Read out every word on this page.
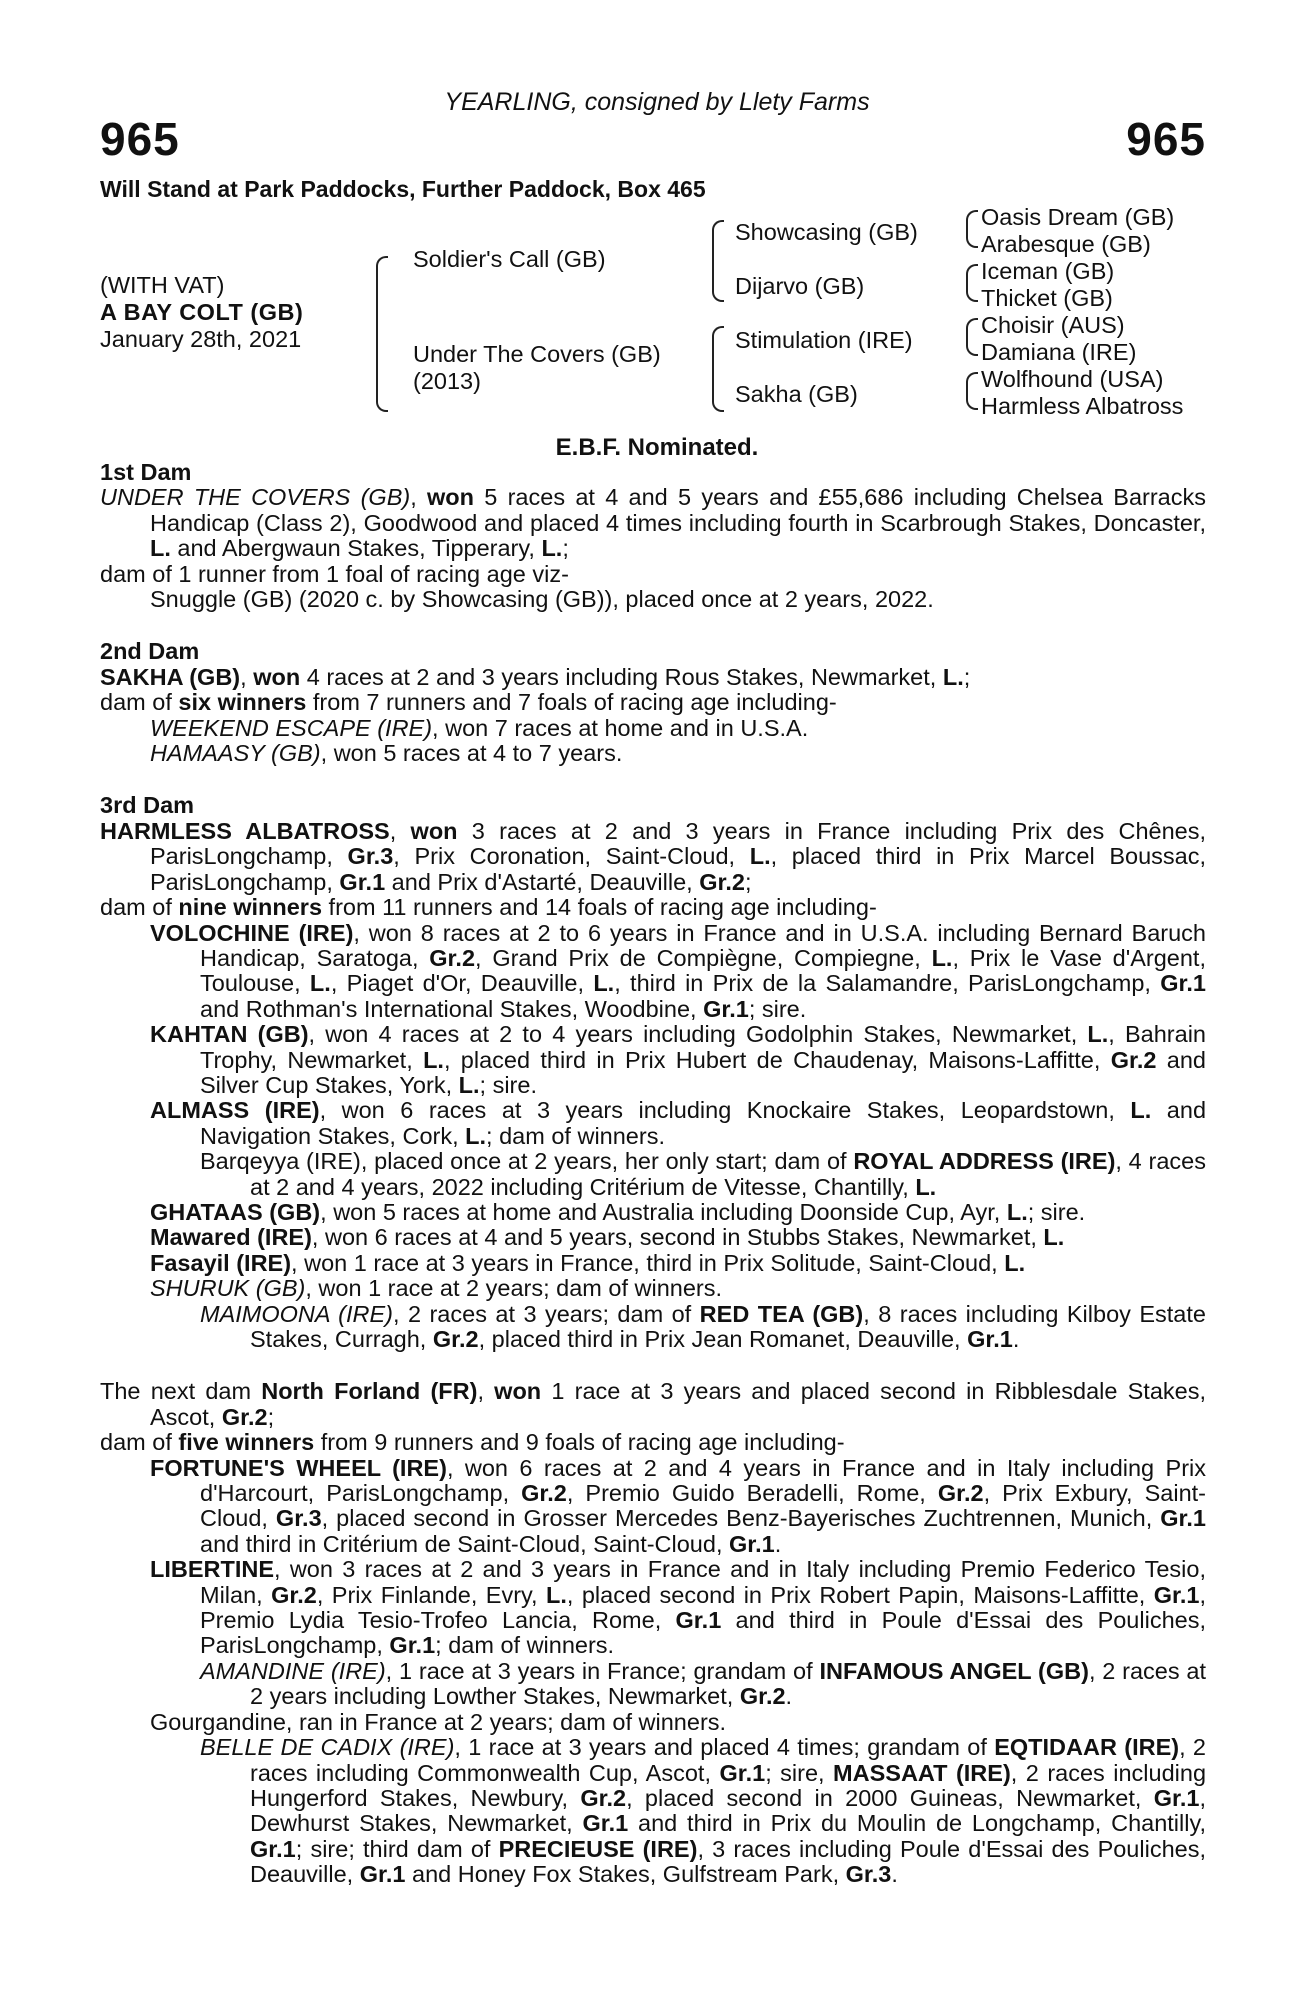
YEARLING, consigned by Llety Farms
965	965
Will Stand at Park Paddocks, Further Paddock, Box 465
(WITH VAT)
A BAY COLT (GB)
January 28th, 2021
Soldier's Call (GB)
Under The Covers (GB)
(2013)
Showcasing (GB)
Dijarvo (GB)
Stimulation (IRE)
Sakha (GB)
Oasis Dream (GB)
Arabesque (GB)
Iceman (GB)
Thicket (GB)
Choisir (AUS)
Damiana (IRE)
Wolfhound (USA)
Harmless Albatross
E.B.F. Nominated.

1st Dam

UNDER THE COVERS (GB), won 5 races at 4 and 5 years and £55,686 including Chelsea Barracks Handicap (Class 2), Goodwood and placed 4 times including fourth in Scarbrough Stakes, Doncaster, L. and Abergwaun Stakes, Tipperary, L.;

dam of 1 runner from 1 foal of racing age viz-

Snuggle (GB) (2020 c. by Showcasing (GB)), placed once at 2 years, 2022.

2nd Dam

SAKHA (GB), won 4 races at 2 and 3 years including Rous Stakes, Newmarket, L.;

dam of six winners from 7 runners and 7 foals of racing age including-

WEEKEND ESCAPE (IRE), won 7 races at home and in U.S.A.

HAMAASY (GB), won 5 races at 4 to 7 years.

3rd Dam

HARMLESS ALBATROSS, won 3 races at 2 and 3 years in France including Prix des Chênes, ParisLongchamp, Gr.3, Prix Coronation, Saint-Cloud, L., placed third in Prix Marcel Boussac, ParisLongchamp, Gr.1 and Prix d'Astarté, Deauville, Gr.2;

dam of nine winners from 11 runners and 14 foals of racing age including-

VOLOCHINE (IRE), won 8 races at 2 to 6 years in France and in U.S.A. including Bernard Baruch Handicap, Saratoga, Gr.2, Grand Prix de Compiègne, Compiegne, L., Prix le Vase d'Argent, Toulouse, L., Piaget d'Or, Deauville, L., third in Prix de la Salamandre, ParisLongchamp, Gr.1 and Rothman's International Stakes, Woodbine, Gr.1; sire.

KAHTAN (GB), won 4 races at 2 to 4 years including Godolphin Stakes, Newmarket, L., Bahrain Trophy, Newmarket, L., placed third in Prix Hubert de Chaudenay, Maisons-Laffitte, Gr.2 and Silver Cup Stakes, York, L.; sire.

ALMASS (IRE), won 6 races at 3 years including Knockaire Stakes, Leopardstown, L. and Navigation Stakes, Cork, L.; dam of winners.

Barqeyya (IRE), placed once at 2 years, her only start; dam of ROYAL ADDRESS (IRE), 4 races at 2 and 4 years, 2022 including Critérium de Vitesse, Chantilly, L.

GHATAAS (GB), won 5 races at home and Australia including Doonside Cup, Ayr, L.; sire.

Mawared (IRE), won 6 races at 4 and 5 years, second in Stubbs Stakes, Newmarket, L.

Fasayil (IRE), won 1 race at 3 years in France, third in Prix Solitude, Saint-Cloud, L.

SHURUK (GB), won 1 race at 2 years; dam of winners.

MAIMOONA (IRE), 2 races at 3 years; dam of RED TEA (GB), 8 races including Kilboy Estate Stakes, Curragh, Gr.2, placed third in Prix Jean Romanet, Deauville, Gr.1.

The next dam North Forland (FR), won 1 race at 3 years and placed second in Ribblesdale Stakes, Ascot, Gr.2;

dam of five winners from 9 runners and 9 foals of racing age including-

FORTUNE'S WHEEL (IRE), won 6 races at 2 and 4 years in France and in Italy including Prix d'Harcourt, ParisLongchamp, Gr.2, Premio Guido Beradelli, Rome, Gr.2, Prix Exbury, Saint-Cloud, Gr.3, placed second in Grosser Mercedes Benz-Bayerisches Zuchtrennen, Munich, Gr.1 and third in Critérium de Saint-Cloud, Saint-Cloud, Gr.1.

LIBERTINE, won 3 races at 2 and 3 years in France and in Italy including Premio Federico Tesio, Milan, Gr.2, Prix Finlande, Evry, L., placed second in Prix Robert Papin, Maisons-Laffitte, Gr.1, Premio Lydia Tesio-Trofeo Lancia, Rome, Gr.1 and third in Poule d'Essai des Pouliches, ParisLongchamp, Gr.1; dam of winners.

AMANDINE (IRE), 1 race at 3 years in France; grandam of INFAMOUS ANGEL (GB), 2 races at 2 years including Lowther Stakes, Newmarket, Gr.2.

Gourgandine, ran in France at 2 years; dam of winners.

BELLE DE CADIX (IRE), 1 race at 3 years and placed 4 times; grandam of EQTIDAAR (IRE), 2 races including Commonwealth Cup, Ascot, Gr.1; sire, MASSAAT (IRE), 2 races including Hungerford Stakes, Newbury, Gr.2, placed second in 2000 Guineas, Newmarket, Gr.1, Dewhurst Stakes, Newmarket, Gr.1 and third in Prix du Moulin de Longchamp, Chantilly, Gr.1; sire; third dam of PRECIEUSE (IRE), 3 races including Poule d'Essai des Pouliches, Deauville, Gr.1 and Honey Fox Stakes, Gulfstream Park, Gr.3.
